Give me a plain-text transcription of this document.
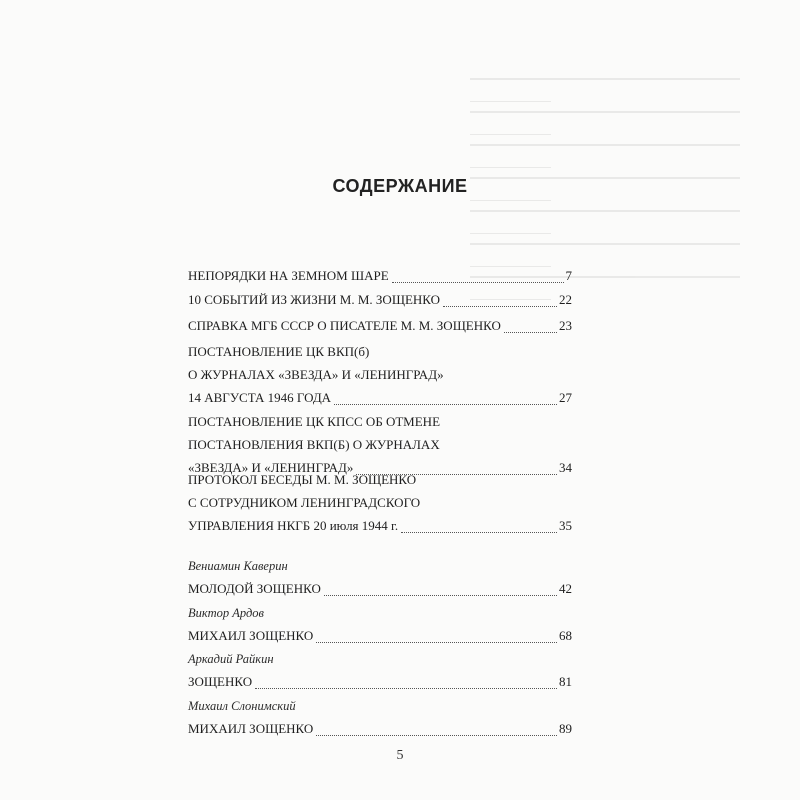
СОДЕРЖАНИЕ
НЕПОРЯДКИ НА ЗЕМНОМ ШАРЕ	7
10 СОБЫТИЙ ИЗ ЖИЗНИ М. М. ЗОЩЕНКО	22
СПРАВКА МГБ СССР О ПИСАТЕЛЕ М. М. ЗОЩЕНКО	23
ПОСТАНОВЛЕНИЕ ЦК ВКП(б)
О ЖУРНАЛАХ «ЗВЕЗДА» И «ЛЕНИНГРАД»
14 АВГУСТА 1946 ГОДА	27
ПОСТАНОВЛЕНИЕ ЦК КПСС ОБ ОТМЕНЕ
ПОСТАНОВЛЕНИЯ ВКП(Б) О ЖУРНАЛАХ
«ЗВЕЗДА» И «ЛЕНИНГРАД»	34
ПРОТОКОЛ БЕСЕДЫ М. М. ЗОЩЕНКО
С СОТРУДНИКОМ ЛЕНИНГРАДСКОГО
УПРАВЛЕНИЯ НКГБ 20 июля 1944 г.	35
Вениамин Каверин
МОЛОДОЙ ЗОЩЕНКО	42
Виктор Ардов
МИХАИЛ ЗОЩЕНКО	68
Аркадий Райкин
ЗОЩЕНКО	81
Михаил Слонимский
МИХАИЛ ЗОЩЕНКО	89
5
